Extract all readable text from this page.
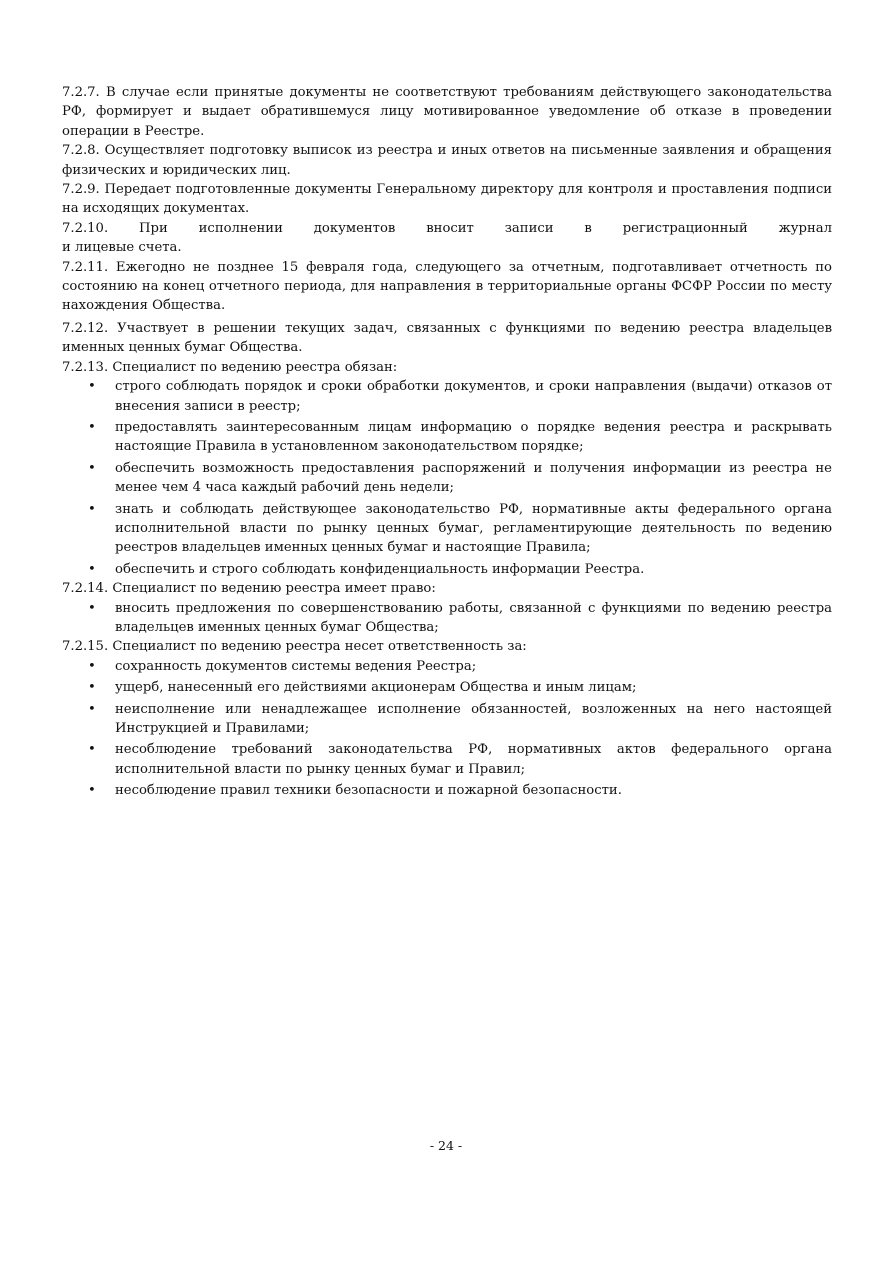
7.2.7. В случае если принятые документы не соответствуют требованиям действующего законодательства РФ, формирует и выдает обратившемуся лицу мотивированное уведомление об отказе в проведении операции в Реестре.

7.2.8. Осуществляет подготовку выписок из реестра и иных ответов на письменные заявления и обращения физических и юридических лиц.

7.2.9. Передает подготовленные документы Генеральному директору для контроля и проставления подписи на исходящих документах.

7.2.10. При исполнении документов вносит записи в регистрационный журнал

и лицевые счета.

7.2.11. Ежегодно не позднее 15 февраля года, следующего за отчетным, подготавливает отчетность по состоянию на конец отчетного периода, для направления в территориальные органы ФСФР России по месту нахождения Общества.

7.2.12. Участвует в решении текущих задач, связанных с функциями по ведению реестра владельцев именных ценных бумаг Общества.

7.2.13. Специалист по ведению реестра обязан:

• строго соблюдать порядок и сроки обработки документов, и сроки направления (выдачи) отказов от внесения записи в реестр;
• предоставлять заинтересованным лицам информацию о порядке ведения реестра и раскрывать настоящие Правила в установленном законодательством порядке;
• обеспечить возможность предоставления распоряжений и получения информации из реестра не менее чем 4 часа каждый рабочий день недели;
• знать и соблюдать действующее законодательство РФ, нормативные акты федерального органа исполнительной власти по рынку ценных бумаг, регламентирующие деятельность по ведению реестров владельцев именных ценных бумаг и настоящие Правила;
• обеспечить и строго соблюдать конфиденциальность информации Реестра.

7.2.14. Специалист по ведению реестра имеет право:

• вносить предложения по совершенствованию работы, связанной с функциями по ведению реестра владельцев именных ценных бумаг Общества;

7.2.15. Специалист по ведению реестра несет ответственность за:

• сохранность документов системы ведения Реестра;
• ущерб, нанесенный его действиями акционерам Общества и иным лицам;
• неисполнение или ненадлежащее исполнение обязанностей, возложенных на него настоящей Инструкцией и Правилами;
• несоблюдение требований законодательства РФ, нормативных актов федерального органа исполнительной власти по рынку ценных бумаг и Правил;
• несоблюдение правил техники безопасности и пожарной безопасности.
- 24 -
